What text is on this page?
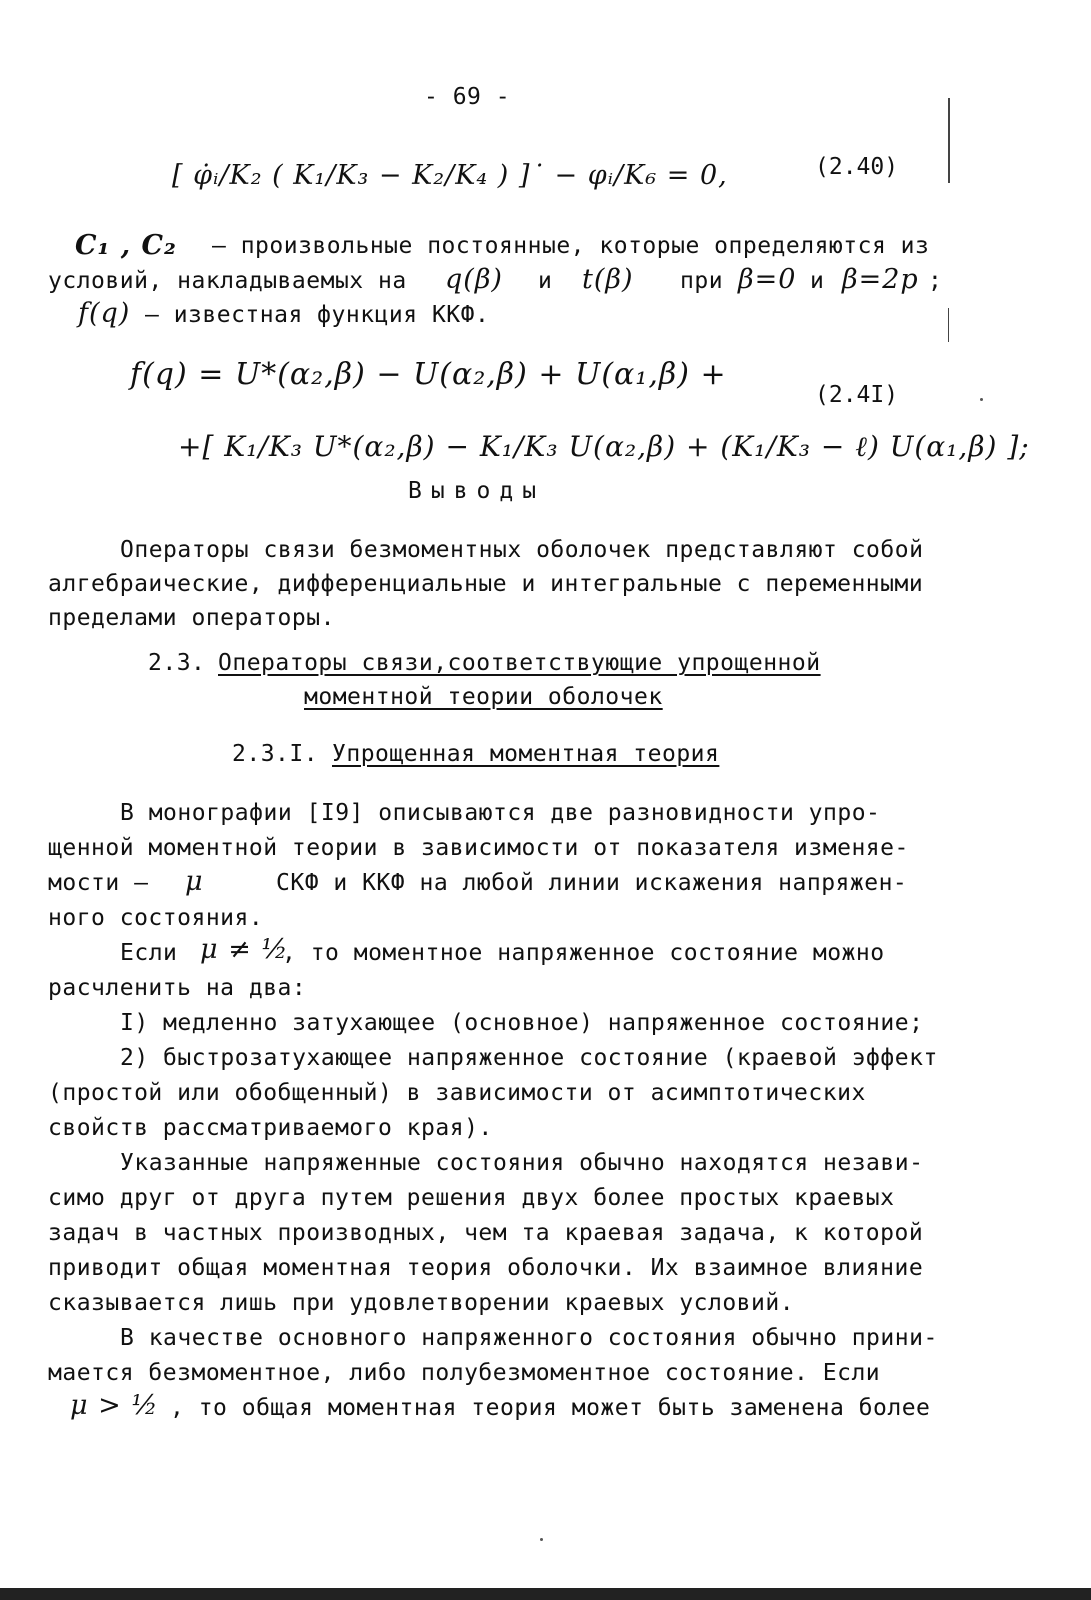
- 69 -
[ φ̇ᵢ/K₂ ( K₁/K₃ − K₂/K₄ ) ]˙ − φᵢ/K₆ = 0,	(2.40)
C₁ , C₂ – произвольные постоянные, которые определяются из
условий, накладываемых на q(β) и t(β) при β=0 и β=2p ;
f(q) – известная функция ККФ.
f(q) = U*(α₂,β) − U(α₂,β) + U(α₁,β) +
(2.4I)
+[ K₁/K₃ U*(α₂,β) − K₁/K₃ U(α₂,β) + (K₁/K₃ − ℓ) U(α₁,β) ];
Выводы
Операторы связи безмоментных оболочек представляют собой
алгебраические, дифференциальные и интегральные с переменными
пределами операторы.
2.3. Операторы связи,соответствующие упрощенной
моментной теории оболочек
2.3.I. Упрощенная моментная теория
В монографии [I9] описываются две разновидности упро-
щенной моментной теории в зависимости от показателя изменяе-
мости – μ	СКФ и ККФ на любой линии искажения напряжен-
ного состояния.
Если μ ≠ ½
, то моментное напряженное состояние можно
расчленить на два:
I) медленно затухающее (основное) напряженное состояние;
2) быстрозатухающее напряженное состояние (краевой эффект
(простой или обобщенный) в зависимости от асимптотических
свойств рассматриваемого края).
Указанные напряженные состояния обычно находятся незави-
симо друг от друга путем решения двух более простых краевых
задач в частных производных, чем та краевая задача, к которой
приводит общая моментная теория оболочки. Их взаимное влияние
сказывается лишь при удовлетворении краевых условий.
В качестве основного напряженного состояния обычно прини-
мается безмоментное, либо полубезмоментное состояние. Если
μ > ½ , то общая моментная теория может быть заменена более
